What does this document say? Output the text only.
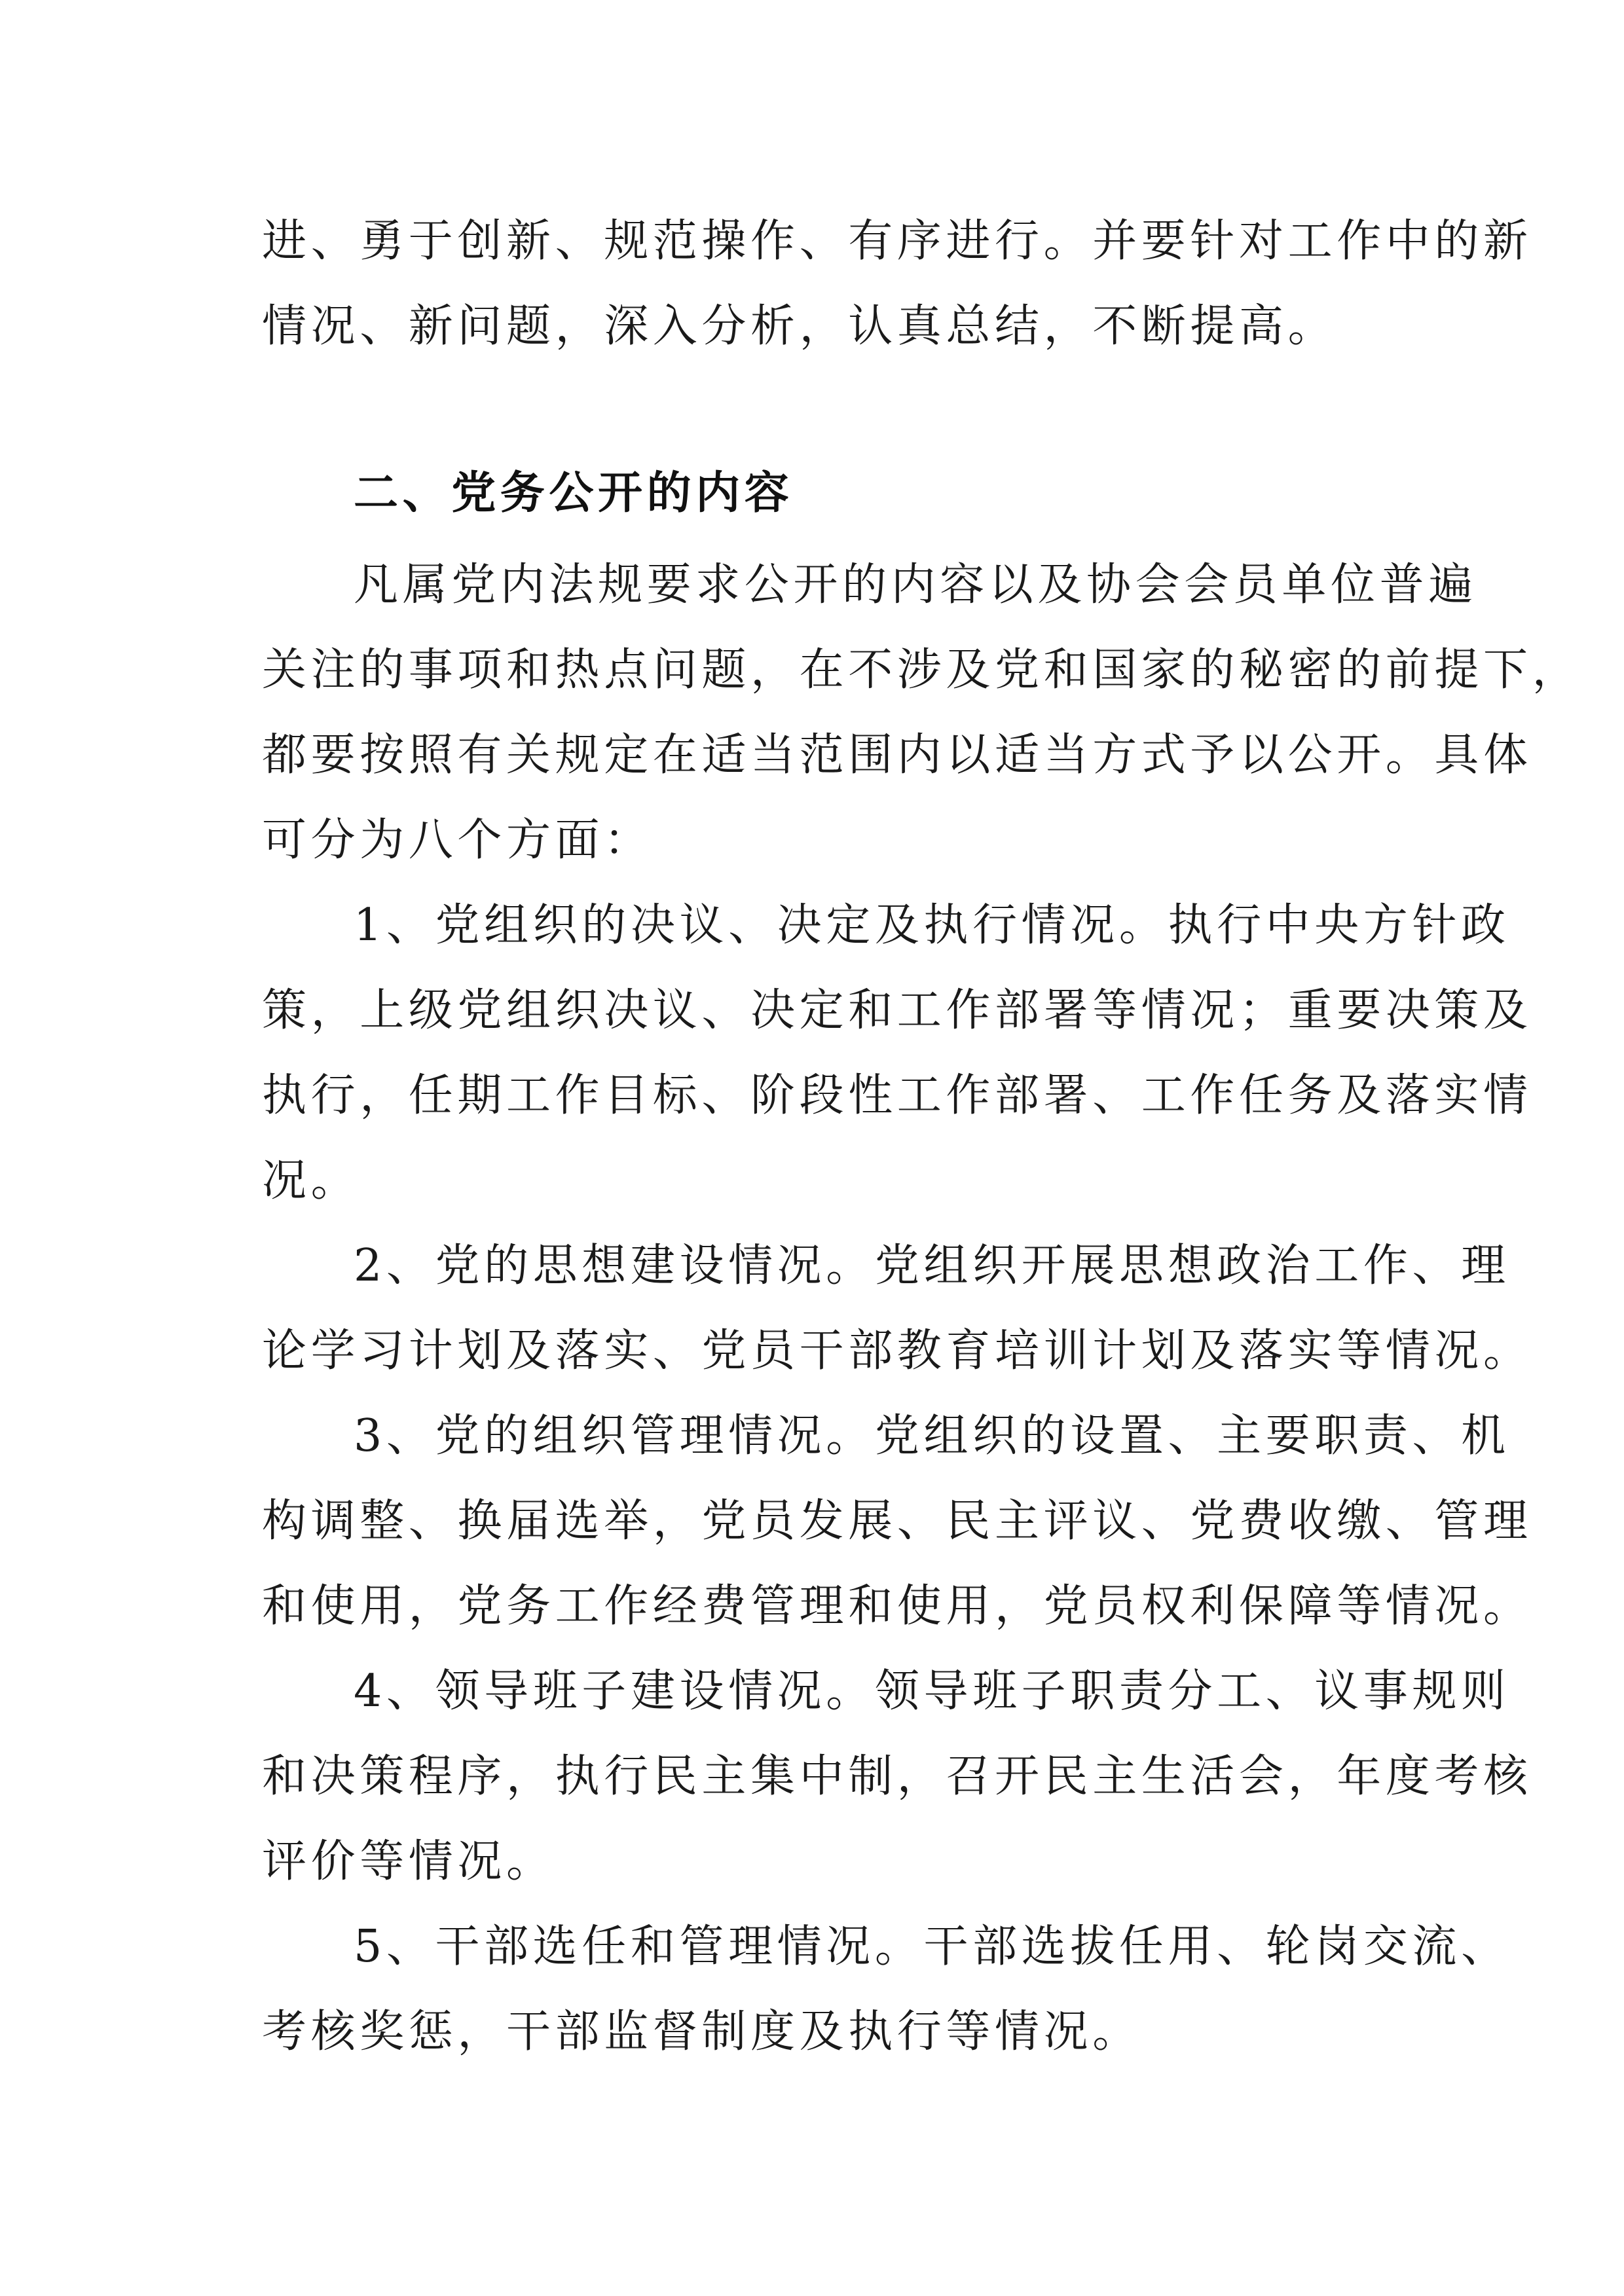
进、勇于创新、规范操作、有序进行。并要针对工作中的新
情况、新问题，深入分析，认真总结，不断提高。
二、党务公开的内容
凡属党内法规要求公开的内容以及协会会员单位普遍
关注的事项和热点问题，在不涉及党和国家的秘密的前提下，
都要按照有关规定在适当范围内以适当方式予以公开。具体
可分为八个方面：
1、党组织的决议、决定及执行情况。执行中央方针政
策，上级党组织决议、决定和工作部署等情况；重要决策及
执行，任期工作目标、阶段性工作部署、工作任务及落实情
况。
2、党的思想建设情况。党组织开展思想政治工作、理
论学习计划及落实、党员干部教育培训计划及落实等情况。
3、党的组织管理情况。党组织的设置、主要职责、机
构调整、换届选举，党员发展、民主评议、党费收缴、管理
和使用，党务工作经费管理和使用，党员权利保障等情况。
4、领导班子建设情况。领导班子职责分工、议事规则
和决策程序，执行民主集中制，召开民主生活会，年度考核
评价等情况。
5、干部选任和管理情况。干部选拔任用、轮岗交流、
考核奖惩，干部监督制度及执行等情况。
